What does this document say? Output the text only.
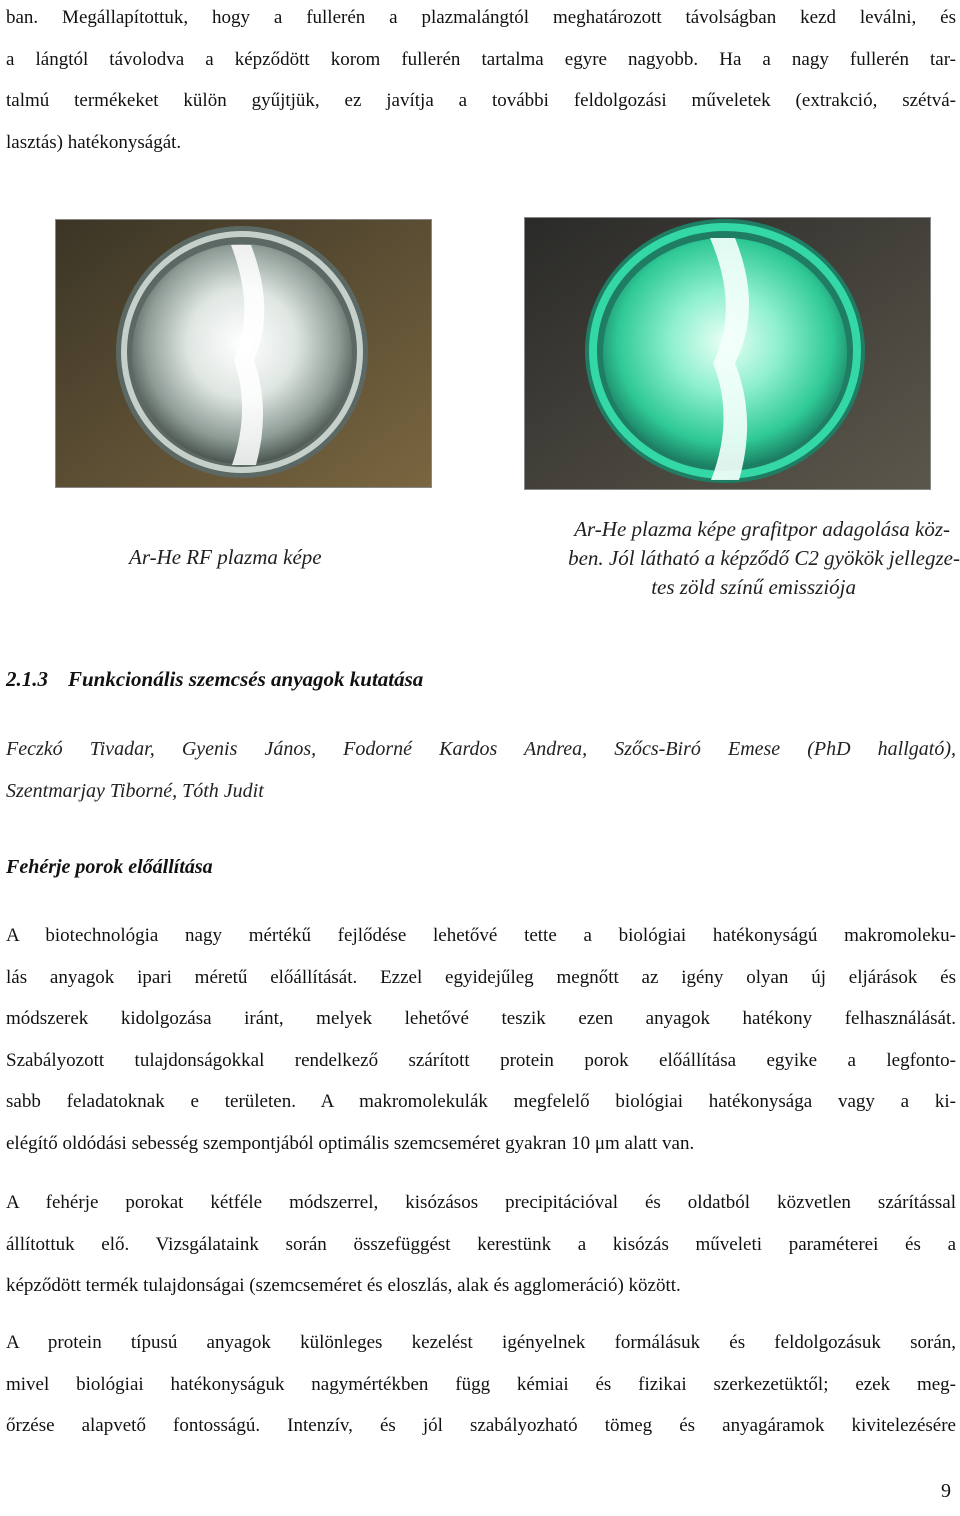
ban. Megállapítottuk, hogy a fullerén a plazmalángtól meghatározott távolságban kezd leválni, és
a lángtól távolodva a képződött korom fullerén tartalma egyre nagyobb. Ha a nagy fullerén tar-
talmú termékeket külön gyűjtjük, ez javítja a további feldolgozási műveletek (extrakció, szétvá-
lasztás) hatékonyságát.
Ar-He RF plazma képe
Ar-He plazma képe grafitpor adagolása köz-
ben. Jól látható a képződő C2 gyökök jellegze-
tes zöld színű emissziója
2.1.3 Funkcionális szemcsés anyagok kutatása
Feczkó Tivadar, Gyenis János, Fodorné Kardos Andrea, Szőcs-Biró Emese (PhD hallgató),
Szentmarjay Tiborné, Tóth Judit
Fehérje porok előállítása
A biotechnológia nagy mértékű fejlődése lehetővé tette a biológiai hatékonyságú makromoleku-
lás anyagok ipari méretű előállítását. Ezzel egyidejűleg megnőtt az igény olyan új eljárások és
módszerek kidolgozása iránt, melyek lehetővé teszik ezen anyagok hatékony felhasználását.
Szabályozott tulajdonságokkal rendelkező szárított protein porok előállítása egyike a legfonto-
sabb feladatoknak e területen. A makromolekulák megfelelő biológiai hatékonysága vagy a ki-
elégítő oldódási sebesség szempontjából optimális szemcseméret gyakran 10 μm alatt van.
A fehérje porokat kétféle módszerrel, kisózásos precipitációval és oldatból közvetlen szárítással
állítottuk elő. Vizsgálataink során összefüggést kerestünk a kisózás műveleti paraméterei és a
képződött termék tulajdonságai (szemcseméret és eloszlás, alak és agglomeráció) között.
A protein típusú anyagok különleges kezelést igényelnek formálásuk és feldolgozásuk során,
mivel biológiai hatékonyságuk nagymértékben függ kémiai és fizikai szerkezetüktől; ezek meg-
őrzése alapvető fontosságú. Intenzív, és jól szabályozható tömeg és anyagáramok kivitelezésére
9
